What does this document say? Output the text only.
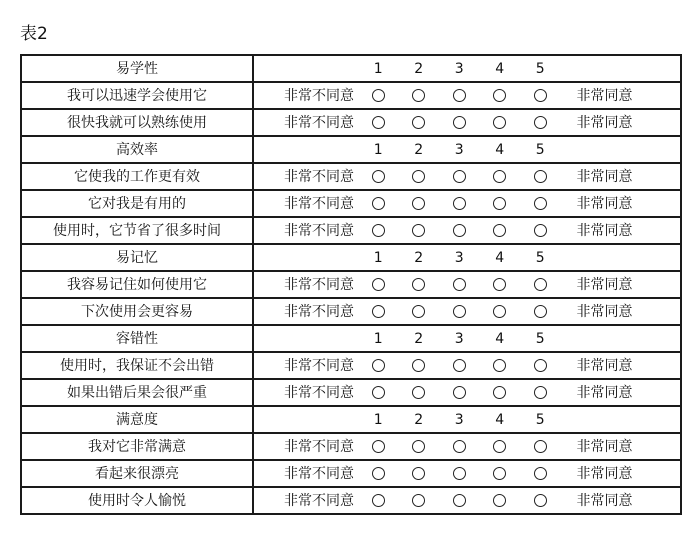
表2
易学性	1 2 3 4 5

我可以迅速学会使用它	非常不同意 非常同意

很快我就可以熟练使用	非常不同意 非常同意

高效率	1 2 3 4 5

它使我的工作更有效	非常不同意 非常同意

它对我是有用的	非常不同意 非常同意

使用时，它节省了很多时间	非常不同意 非常同意

易记忆	1 2 3 4 5

我容易记住如何使用它	非常不同意 非常同意

下次使用会更容易	非常不同意 非常同意

容错性	1 2 3 4 5

使用时，我保证不会出错	非常不同意 非常同意

如果出错后果会很严重	非常不同意 非常同意

满意度	1 2 3 4 5

我对它非常满意	非常不同意 非常同意

看起来很漂亮	非常不同意 非常同意

使用时令人愉悦	非常不同意 非常同意
